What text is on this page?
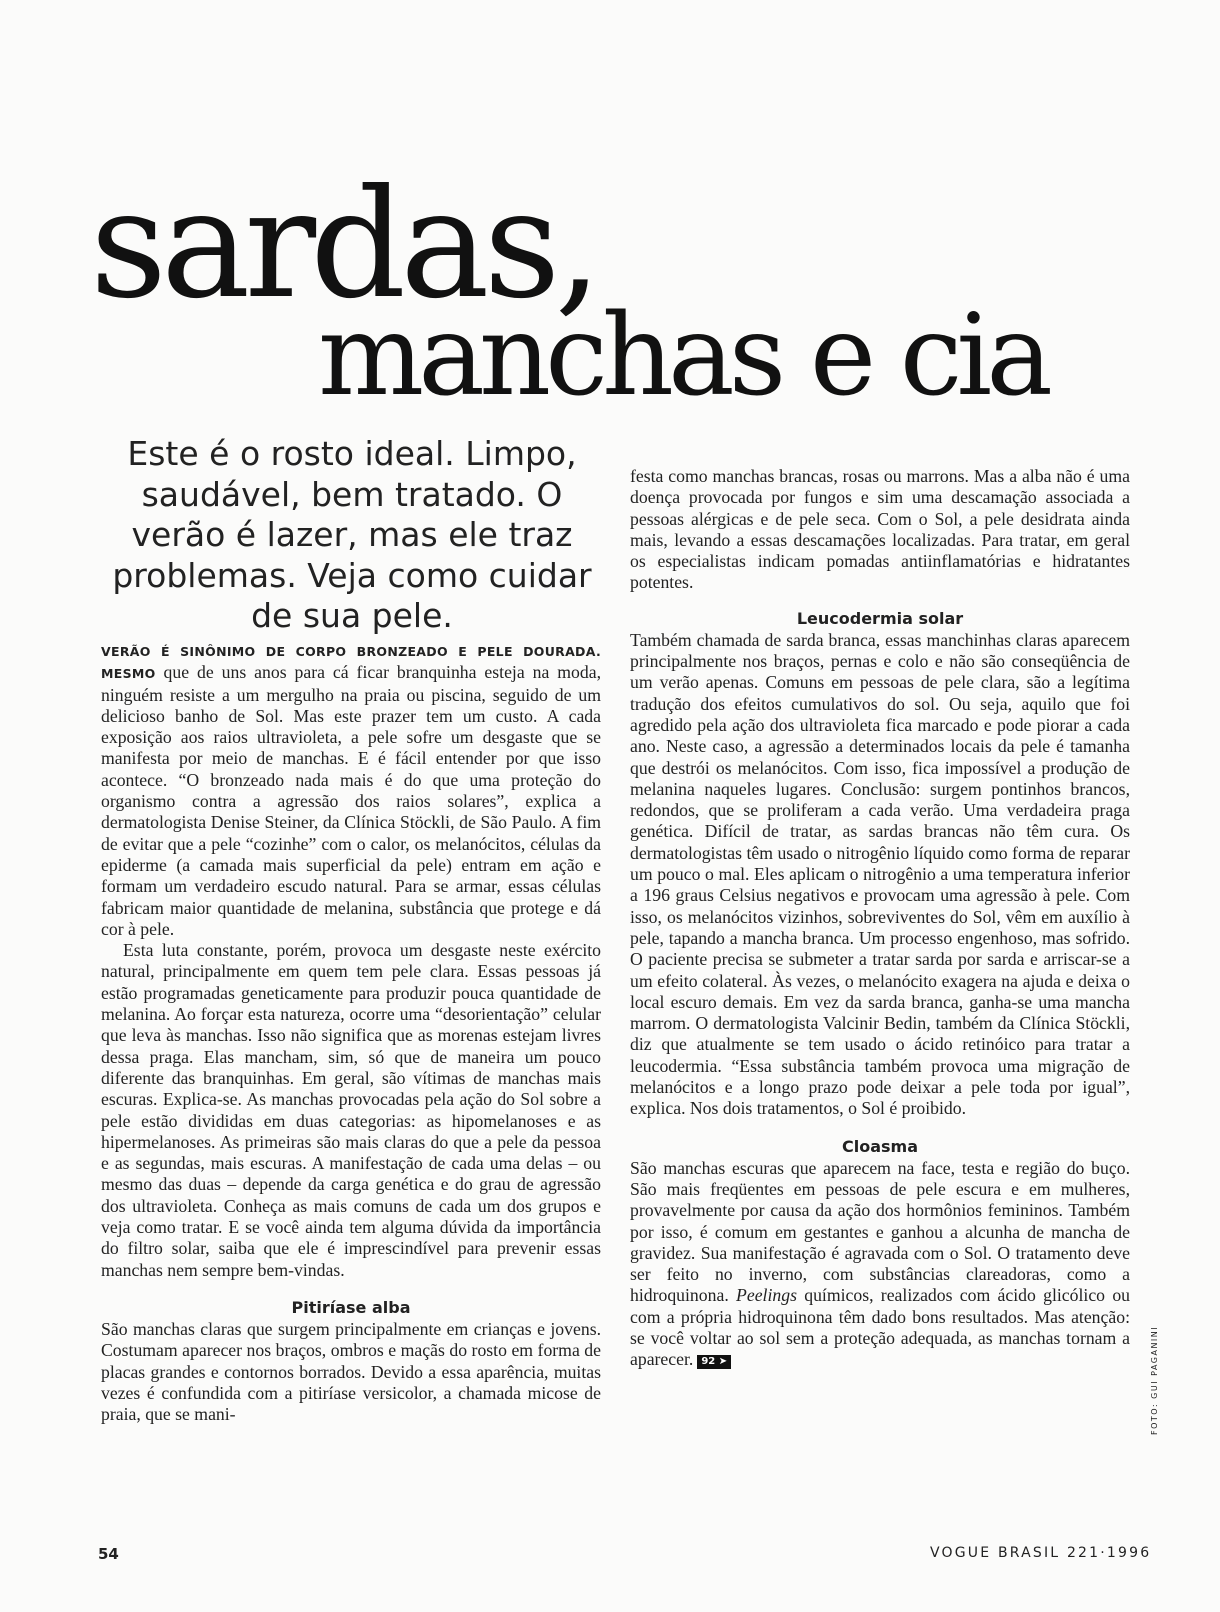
sardas,
manchas e cia

Este é o rosto ideal. Limpo, saudável, bem tratado. O verão é lazer, mas ele traz problemas. Veja como cuidar de sua pele.

VERÃO É SINÔNIMO DE CORPO BRONZEADO E PELE DOURADA. MESMO que de uns anos para cá ficar branquinha esteja na moda, ninguém resiste a um mergulho na praia ou piscina, seguido de um delicioso banho de Sol. Mas este prazer tem um custo. A cada exposição aos raios ultravioleta, a pele sofre um desgaste que se manifesta por meio de manchas. E é fácil entender por que isso acontece. “O bronzeado nada mais é do que uma proteção do organismo contra a agressão dos raios solares”, explica a dermatologista Denise Steiner, da Clínica Stöckli, de São Paulo. A fim de evitar que a pele “cozinhe” com o calor, os melanócitos, células da epiderme (a camada mais superficial da pele) entram em ação e formam um verdadeiro escudo natural. Para se armar, essas células fabricam maior quantidade de melanina, substância que protege e dá cor à pele.

Esta luta constante, porém, provoca um desgaste neste exército natural, principalmente em quem tem pele clara. Essas pessoas já estão programadas geneticamente para produzir pouca quantidade de melanina. Ao forçar esta natureza, ocorre uma “desorientação” celular que leva às manchas. Isso não significa que as morenas estejam livres dessa praga. Elas mancham, sim, só que de maneira um pouco diferente das branquinhas. Em geral, são vítimas de manchas mais escuras. Explica-se. As manchas provocadas pela ação do Sol sobre a pele estão divididas em duas categorias: as hipomelanoses e as hipermelanoses. As primeiras são mais claras do que a pele da pessoa e as segundas, mais escuras. A manifestação de cada uma delas – ou mesmo das duas – depende da carga genética e do grau de agressão dos ultravioleta. Conheça as mais comuns de cada um dos grupos e veja como tratar. E se você ainda tem alguma dúvida da importância do filtro solar, saiba que ele é imprescindível para prevenir essas manchas nem sempre bem-vindas.

Pitiríase alba

São manchas claras que surgem principalmente em crianças e jovens. Costumam aparecer nos braços, ombros e maçãs do rosto em forma de placas grandes e contornos borrados. Devido a essa aparência, muitas vezes é confundida com a pitiríase versicolor, a chamada micose de praia, que se mani-

festa como manchas brancas, rosas ou marrons. Mas a alba não é uma doença provocada por fungos e sim uma descamação associada a pessoas alérgicas e de pele seca. Com o Sol, a pele desidrata ainda mais, levando a essas descamações localizadas. Para tratar, em geral os especialistas indicam pomadas antiinflamatórias e hidratantes potentes.

Leucodermia solar

Também chamada de sarda branca, essas manchinhas claras aparecem principalmente nos braços, pernas e colo e não são conseqüência de um verão apenas. Comuns em pessoas de pele clara, são a legítima tradução dos efeitos cumulativos do sol. Ou seja, aquilo que foi agredido pela ação dos ultravioleta fica marcado e pode piorar a cada ano. Neste caso, a agressão a determinados locais da pele é tamanha que destrói os melanócitos. Com isso, fica impossível a produção de melanina naqueles lugares. Conclusão: surgem pontinhos brancos, redondos, que se proliferam a cada verão. Uma verdadeira praga genética. Difícil de tratar, as sardas brancas não têm cura. Os dermatologistas têm usado o nitrogênio líquido como forma de reparar um pouco o mal. Eles aplicam o nitrogênio a uma temperatura inferior a 196 graus Celsius negativos e provocam uma agressão à pele. Com isso, os melanócitos vizinhos, sobreviventes do Sol, vêm em auxílio à pele, tapando a mancha branca. Um processo engenhoso, mas sofrido. O paciente precisa se submeter a tratar sarda por sarda e arriscar-se a um efeito colateral. Às vezes, o melanócito exagera na ajuda e deixa o local escuro demais. Em vez da sarda branca, ganha-se uma mancha marrom. O dermatologista Valcinir Bedin, também da Clínica Stöckli, diz que atualmente se tem usado o ácido retinóico para tratar a leucodermia. “Essa substância também provoca uma migração de melanócitos e a longo prazo pode deixar a pele toda por igual”, explica. Nos dois tratamentos, o Sol é proibido.

Cloasma

São manchas escuras que aparecem na face, testa e região do buço. São mais freqüentes em pessoas de pele escura e em mulheres, provavelmente por causa da ação dos hormônios femininos. Também por isso, é comum em gestantes e ganhou a alcunha de mancha de gravidez. Sua manifestação é agravada com o Sol. O tratamento deve ser feito no inverno, com substâncias clareadoras, como a hidroquinona. Peelings químicos, realizados com ácido glicólico ou com a própria hidroquinona têm dado bons resultados. Mas atenção: se você voltar ao sol sem a proteção adequada, as manchas tornam a aparecer. 92 ➤	FOTO: GUI PAGANINI
54	VOGUE BRASIL 221·1996
